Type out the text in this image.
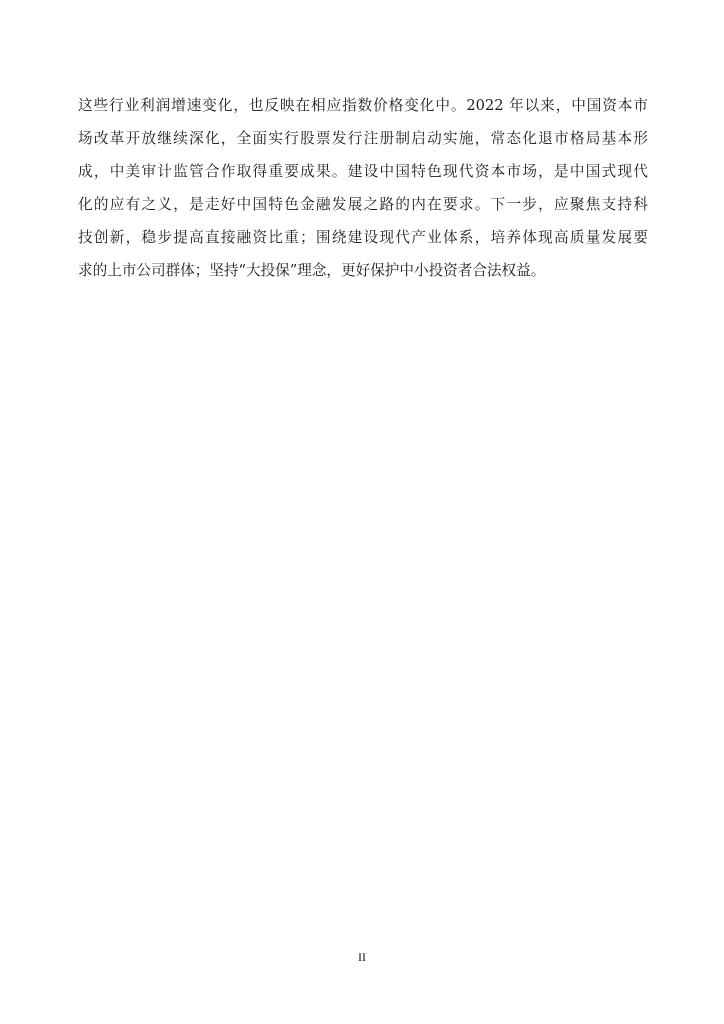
这些行业利润增速变化，也反映在相应指数价格变化中。2022 年以来，中国资本市
场改革开放继续深化，全面实行股票发行注册制启动实施，常态化退市格局基本形
成，中美审计监管合作取得重要成果。建设中国特色现代资本市场，是中国式现代
化的应有之义，是走好中国特色金融发展之路的内在要求。下一步，应聚焦支持科
技创新，稳步提高直接融资比重；围绕建设现代产业体系，培养体现高质量发展要
求的上市公司群体；坚持“大投保”理念，更好保护中小投资者合法权益。
II
